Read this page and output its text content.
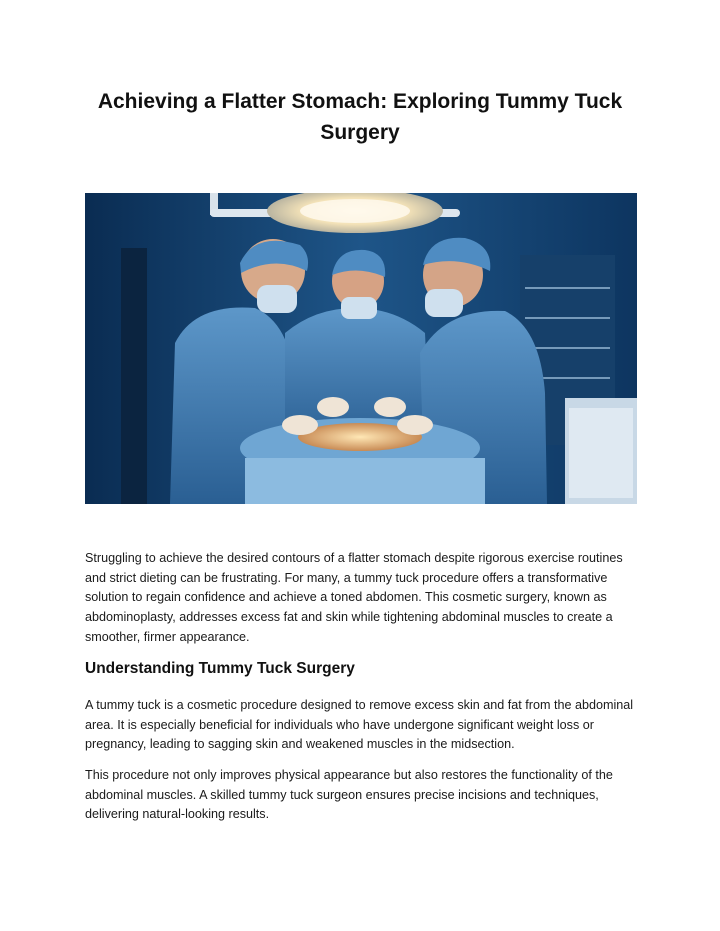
Achieving a Flatter Stomach: Exploring Tummy Tuck Surgery

Struggling to achieve the desired contours of a flatter stomach despite rigorous exercise routines and strict dieting can be frustrating. For many, a tummy tuck procedure offers a transformative solution to regain confidence and achieve a toned abdomen. This cosmetic surgery, known as abdominoplasty, addresses excess fat and skin while tightening abdominal muscles to create a smoother, firmer appearance.

Understanding Tummy Tuck Surgery

A tummy tuck is a cosmetic procedure designed to remove excess skin and fat from the abdominal area. It is especially beneficial for individuals who have undergone significant weight loss or pregnancy, leading to sagging skin and weakened muscles in the midsection.

This procedure not only improves physical appearance but also restores the functionality of the abdominal muscles. A skilled tummy tuck surgeon ensures precise incisions and techniques, delivering natural-looking results.
